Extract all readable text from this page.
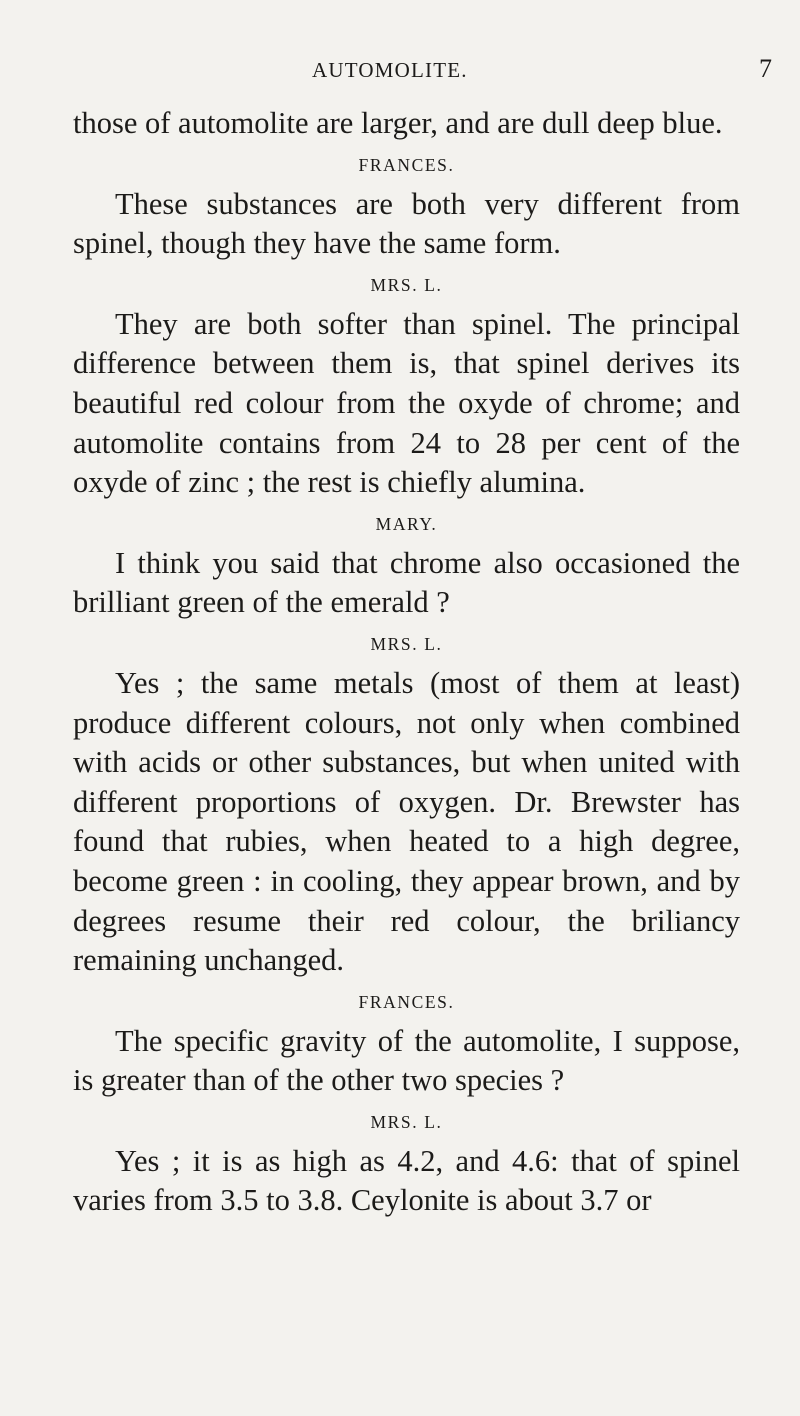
AUTOMOLITE.	7

those of automolite are larger, and are dull deep blue.

FRANCES.

These substances are both very different from spinel, though they have the same form.

MRS. L.

They are both softer than spinel. The principal difference between them is, that spinel derives its beautiful red colour from the oxyde of chrome; and automolite contains from 24 to 28 per cent of the oxyde of zinc ; the rest is chiefly alumina.

MARY.

I think you said that chrome also occasioned the brilliant green of the emerald ?

MRS. L.

Yes ; the same metals (most of them at least) produce different colours, not only when combined with acids or other substances, but when united with different proportions of oxygen. Dr. Brewster has found that rubies, when heated to a high degree, become green : in cooling, they appear brown, and by degrees resume their red colour, the briliancy remaining unchanged.

FRANCES.

The specific gravity of the automolite, I suppose, is greater than of the other two species ?

MRS. L.

Yes ; it is as high as 4.2, and 4.6: that of spinel varies from 3.5 to 3.8. Ceylonite is about 3.7 or
